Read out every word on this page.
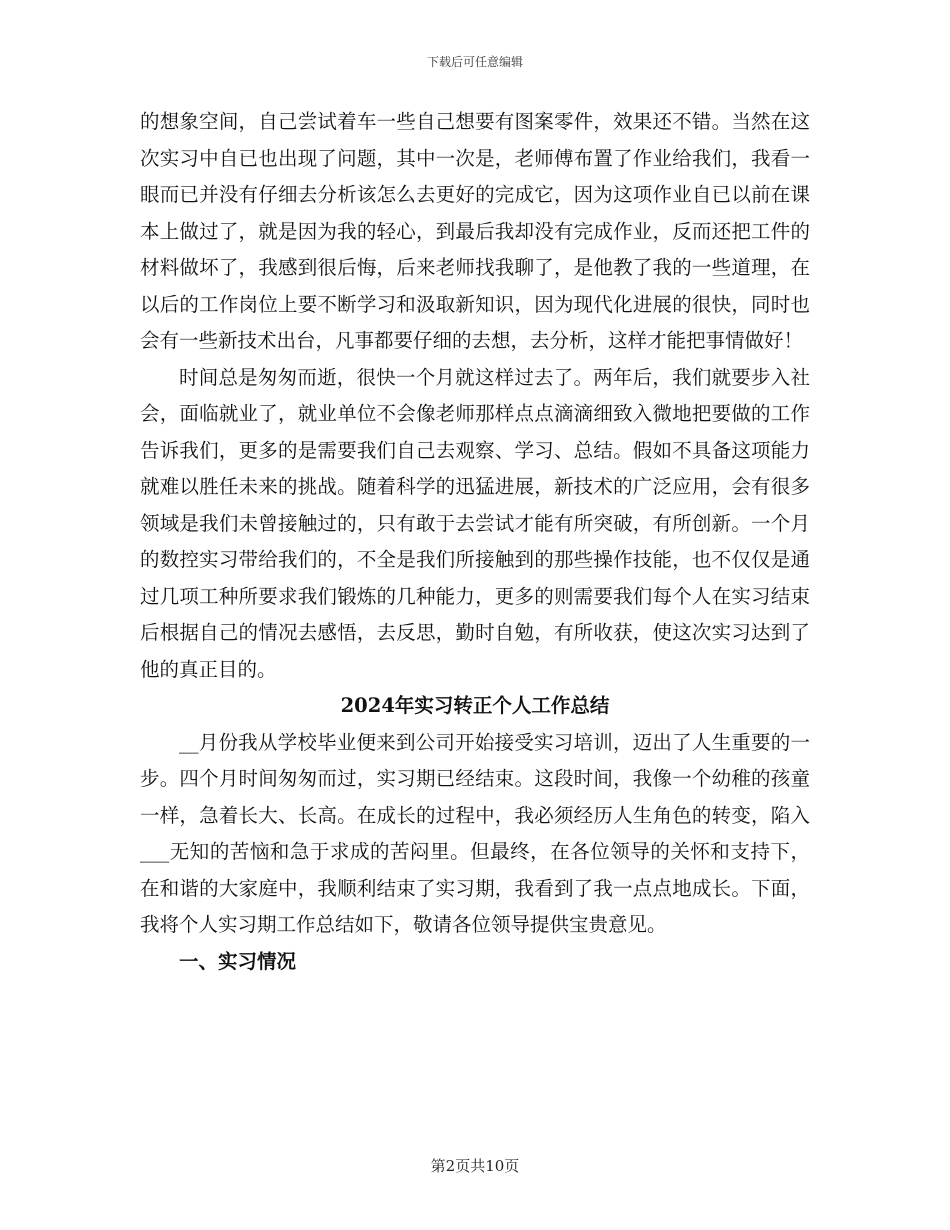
下载后可任意编辑

的想象空间，自己尝试着车一些自己想要有图案零件，效果还不错。当然在这次实习中自已也出现了问题，其中一次是，老师傅布置了作业给我们，我看一眼而已并没有仔细去分析该怎么去更好的完成它，因为这项作业自已以前在课本上做过了，就是因为我的轻心，到最后我却没有完成作业，反而还把工件的材料做坏了，我感到很后悔，后来老师找我聊了，是他教了我的一些道理，在以后的工作岗位上要不断学习和汲取新知识，因为现代化进展的很快，同时也会有一些新技术出台，凡事都要仔细的去想，去分析，这样才能把事情做好！

时间总是匆匆而逝，很快一个月就这样过去了。两年后，我们就要步入社会，面临就业了，就业单位不会像老师那样点点滴滴细致入微地把要做的工作告诉我们，更多的是需要我们自己去观察、学习、总结。假如不具备这项能力就难以胜任未来的挑战。随着科学的迅猛进展，新技术的广泛应用，会有很多领域是我们未曾接触过的，只有敢于去尝试才能有所突破，有所创新。一个月的数控实习带给我们的，不全是我们所接触到的那些操作技能，也不仅仅是通过几项工种所要求我们锻炼的几种能力，更多的则需要我们每个人在实习结束后根据自己的情况去感悟，去反思，勤时自勉，有所收获，使这次实习达到了他的真正目的。

2024年实习转正个人工作总结

__月份我从学校毕业便来到公司开始接受实习培训，迈出了人生重要的一步。四个月时间匆匆而过，实习期已经结束。这段时间，我像一个幼稚的孩童一样，急着长大、长高。在成长的过程中，我必须经历人生角色的转变，陷入___无知的苦恼和急于求成的苦闷里。但最终，在各位领导的关怀和支持下，在和谐的大家庭中，我顺利结束了实习期，我看到了我一点点地成长。下面，我将个人实习期工作总结如下，敬请各位领导提供宝贵意见。

一、实习情况

第2页共10页
